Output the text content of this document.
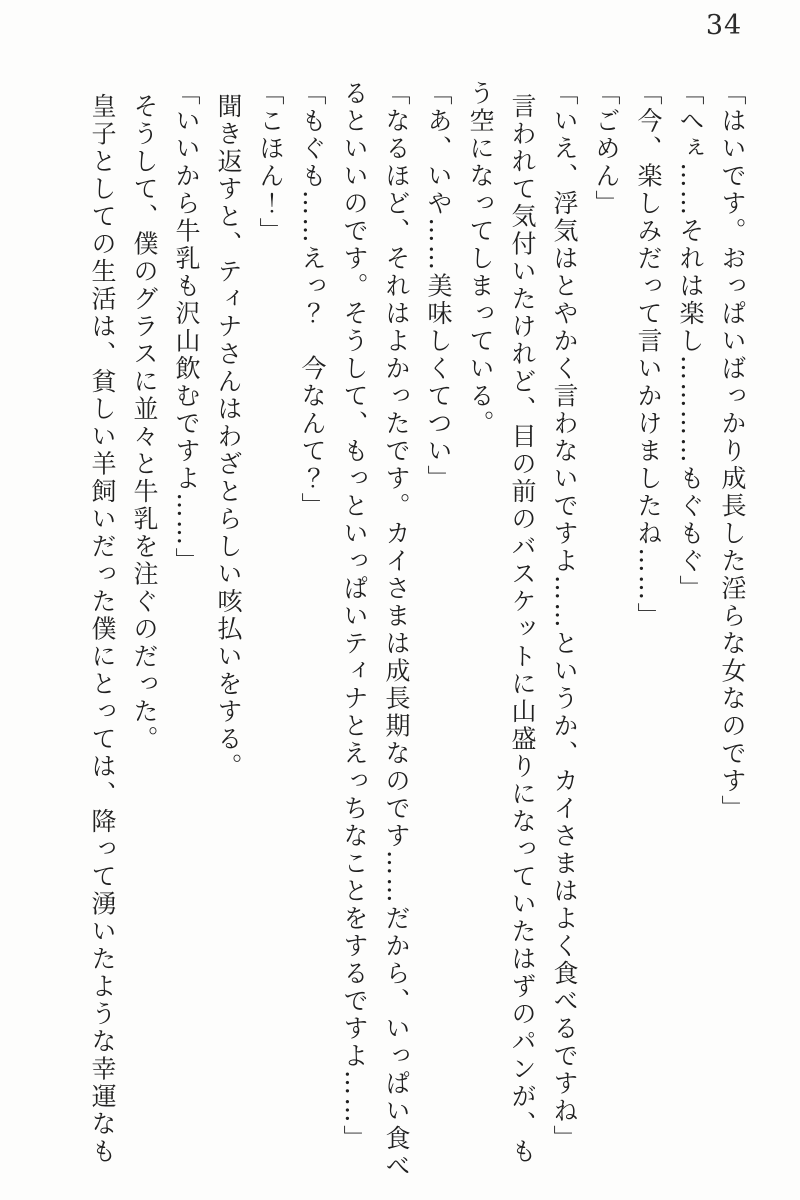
34
「はいです。おっぱいばっかり成長した淫らな女なのです」
「へぇ……それは楽し…………もぐもぐ」
「今、楽しみだって言いかけましたね……」
「ごめん」
「いえ、浮気はとやかく言わないですよ……というか、カイさまはよく食べるですね」
言われて気付いたけれど、目の前のバスケットに山盛りになっていたはずのパンが、も
う空になってしまっている。
「あ、いや……美味しくてつい」
「なるほど、それはよかったです。カイさまは成長期なのです……だから、いっぱい食べ
るといいのです。そうして、もっといっぱいティナとえっちなことをするですよ……」
「もぐも……えっ？　今なんて？」
「こほん！」
聞き返すと、ティナさんはわざとらしい咳払いをする。
「いいから牛乳も沢山飲むですよ……」
そうして、僕のグラスに並々と牛乳を注ぐのだった。
皇子としての生活は、貧しい羊飼いだった僕にとっては、降って湧いたような幸運なも
